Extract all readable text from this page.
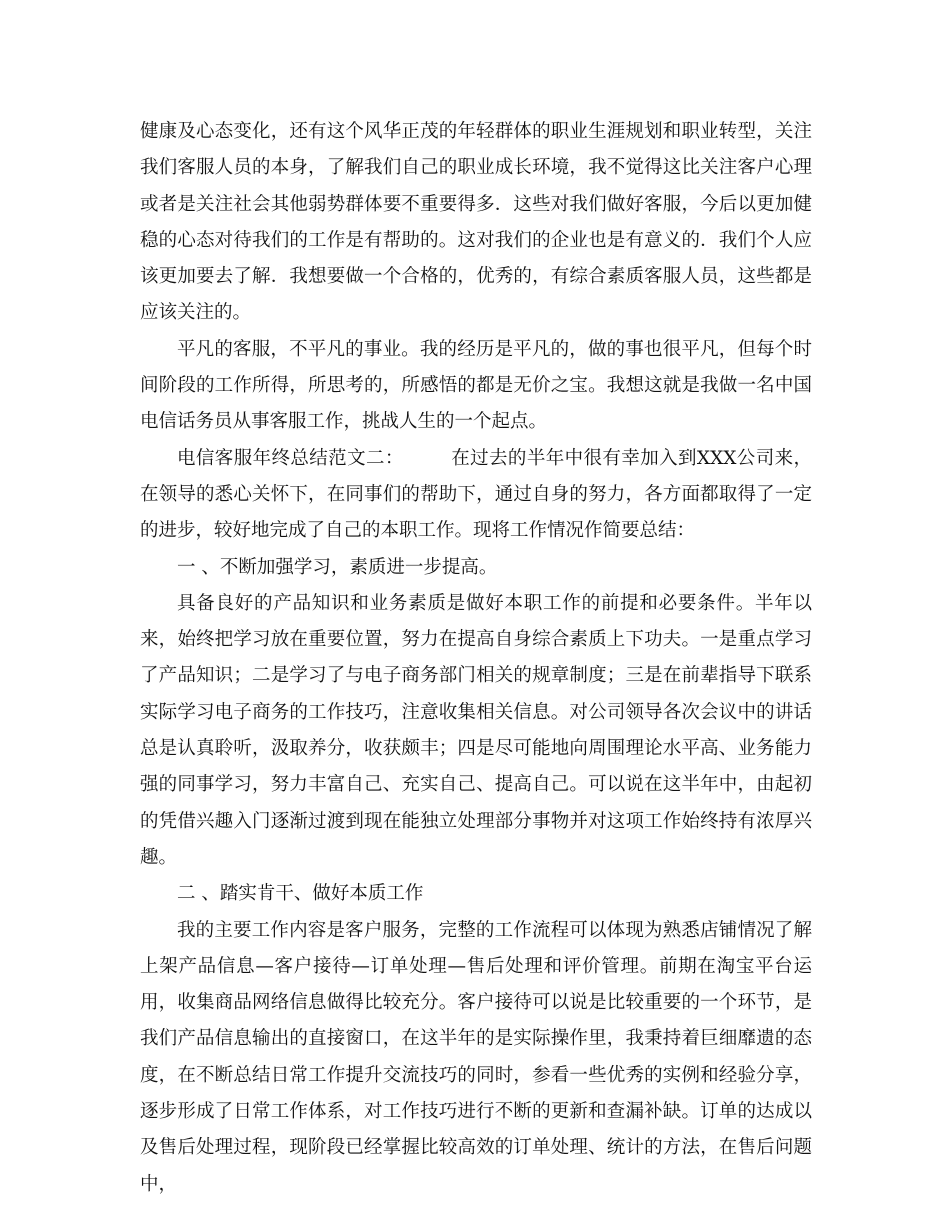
健康及心态变化，还有这个风华正茂的年轻群体的职业生涯规划和职业转型，关注我们客服人员的本身，了解我们自己的职业成长环境，我不觉得这比关注客户心理或者是关注社会其他弱势群体要不重要得多．这些对我们做好客服，今后以更加健稳的心态对待我们的工作是有帮助的。这对我们的企业也是有意义的．我们个人应该更加要去了解．我想要做一个合格的，优秀的，有综合素质客服人员，这些都是应该关注的。

平凡的客服，不平凡的事业。我的经历是平凡的，做的事也很平凡，但每个时间阶段的工作所得，所思考的，所感悟的都是无价之宝。我想这就是我做一名中国电信话务员从事客服工作，挑战人生的一个起点。

电信客服年终总结范文二：　　　在过去的半年中很有幸加入到XXX公司来，在领导的悉心关怀下，在同事们的帮助下，通过自身的努力，各方面都取得了一定的进步，较好地完成了自己的本职工作。现将工作情况作简要总结：

一 、不断加强学习，素质进一步提高。

具备良好的产品知识和业务素质是做好本职工作的前提和必要条件。半年以来，始终把学习放在重要位置，努力在提高自身综合素质上下功夫。一是重点学习了产品知识；二是学习了与电子商务部门相关的规章制度；三是在前辈指导下联系实际学习电子商务的工作技巧，注意收集相关信息。对公司领导各次会议中的讲话总是认真聆听，汲取养分，收获颇丰；四是尽可能地向周围理论水平高、业务能力强的同事学习，努力丰富自己、充实自己、提高自己。可以说在这半年中，由起初的凭借兴趣入门逐渐过渡到现在能独立处理部分事物并对这项工作始终持有浓厚兴趣。

二 、踏实肯干、做好本质工作

我的主要工作内容是客户服务，完整的工作流程可以体现为熟悉店铺情况了解上架产品信息—客户接待—订单处理—售后处理和评价管理。前期在淘宝平台运用，收集商品网络信息做得比较充分。客户接待可以说是比较重要的一个环节，是我们产品信息输出的直接窗口，在这半年的是实际操作里，我秉持着巨细靡遗的态度，在不断总结日常工作提升交流技巧的同时，参看一些优秀的实例和经验分享，逐步形成了日常工作体系，对工作技巧进行不断的更新和查漏补缺。订单的达成以及售后处理过程，现阶段已经掌握比较高效的订单处理、统计的方法，在售后问题中，
